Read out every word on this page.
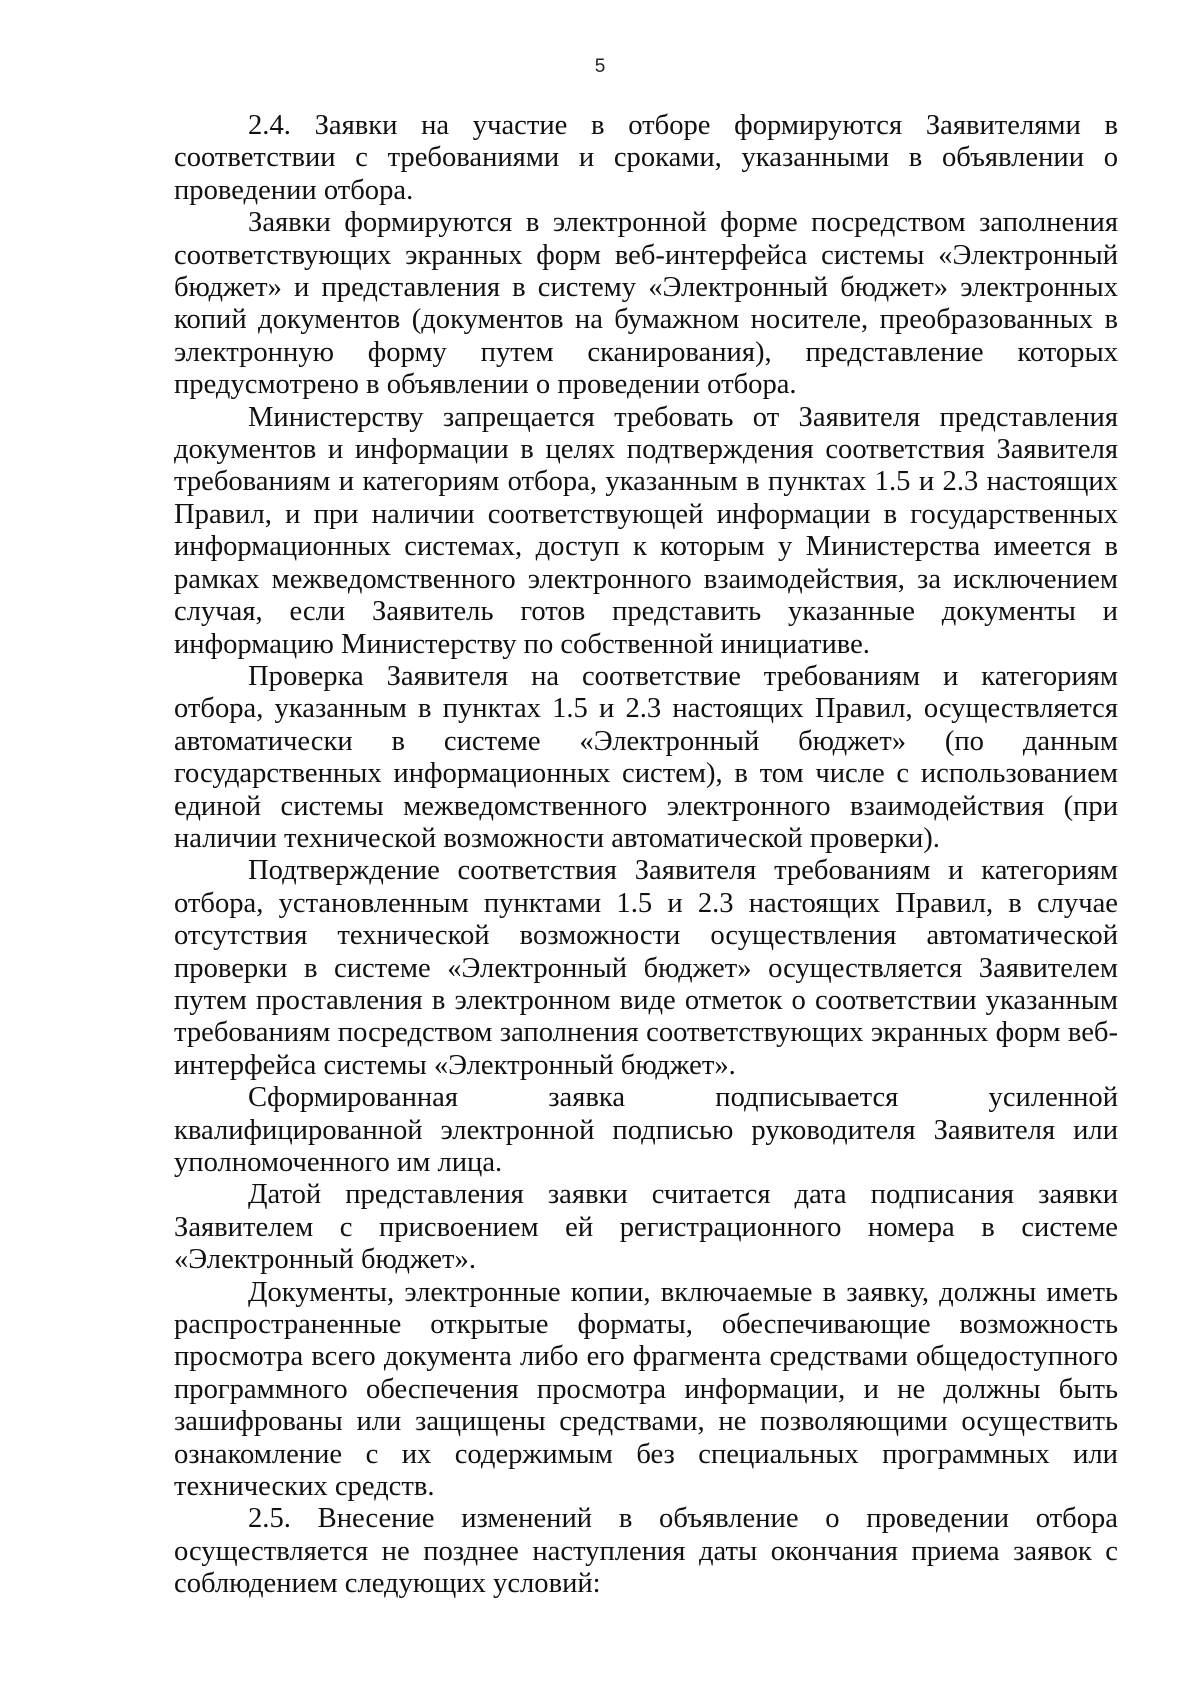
5

2.4. Заявки на участие в отборе формируются Заявителями в соответствии с требованиями и сроками, указанными в объявлении о проведении отбора.

Заявки формируются в электронной форме посредством заполнения соответствующих экранных форм веб-интерфейса системы «Электронный бюджет» и представления в систему «Электронный бюджет» электронных копий документов (документов на бумажном носителе, преобразованных в электронную форму путем сканирования), представление которых предусмотрено в объявлении о проведении отбора.

Министерству запрещается требовать от Заявителя представления документов и информации в целях подтверждения соответствия Заявителя требованиям и категориям отбора, указанным в пунктах 1.5 и 2.3 настоящих Правил, и при наличии соответствующей информации в государственных информационных системах, доступ к которым у Министерства имеется в рамках межведомственного электронного взаимодействия, за исключением случая, если Заявитель готов представить указанные документы и информацию Министерству по собственной инициативе.

Проверка Заявителя на соответствие требованиям и категориям отбора, указанным в пунктах 1.5 и 2.3 настоящих Правил, осуществляется автоматически в системе «Электронный бюджет» (по данным государственных информационных систем), в том числе с использованием единой системы межведомственного электронного взаимодействия (при наличии технической возможности автоматической проверки).

Подтверждение соответствия Заявителя требованиям и категориям отбора, установленным пунктами 1.5 и 2.3 настоящих Правил, в случае отсутствия технической возможности осуществления автоматической проверки в системе «Электронный бюджет» осуществляется Заявителем путем проставления в электронном виде отметок о соответствии указанным требованиям посредством заполнения соответствующих экранных форм веб-интерфейса системы «Электронный бюджет».

Сформированная заявка подписывается усиленной квалифицированной электронной подписью руководителя Заявителя или уполномоченного им лица.

Датой представления заявки считается дата подписания заявки Заявителем с присвоением ей регистрационного номера в системе «Электронный бюджет».

Документы, электронные копии, включаемые в заявку, должны иметь распространенные открытые форматы, обеспечивающие возможность просмотра всего документа либо его фрагмента средствами общедоступного программного обеспечения просмотра информации, и не должны быть зашифрованы или защищены средствами, не позволяющими осуществить ознакомление с их содержимым без специальных программных или технических средств.

2.5. Внесение изменений в объявление о проведении отбора осуществляется не позднее наступления даты окончания приема заявок с соблюдением следующих условий:
